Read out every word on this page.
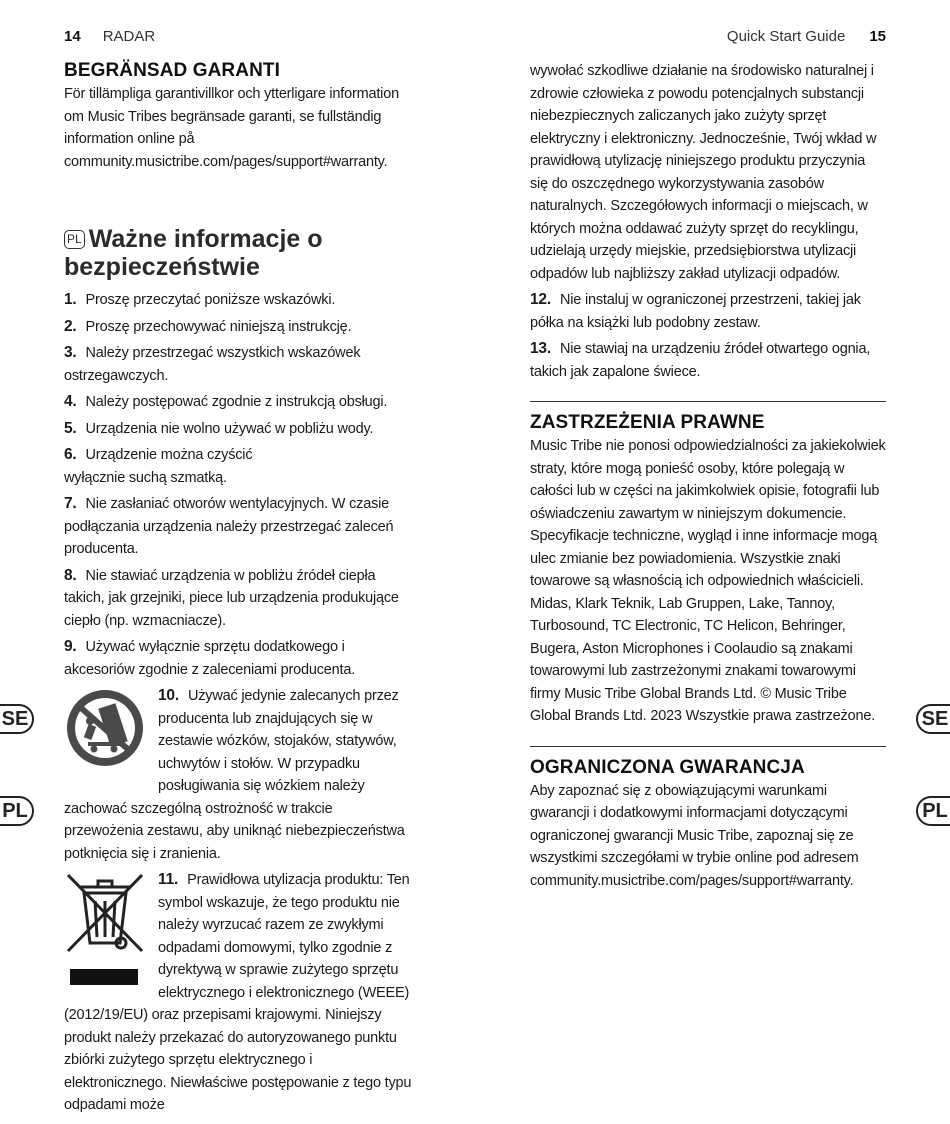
14 RADAR	Quick Start Guide 15
SE
PL
SE
PL
BEGRÄNSAD GARANTI

För tillämpliga garantivillkor och ytterligare information om Music Tribes begränsade garanti, se fullständig information online på community.musictribe.com/pages/support#warranty.

PL Ważne informacje o bezpieczeństwie

1. Proszę przeczytać poniższe wskazówki.

2. Proszę przechowywać niniejszą instrukcję.

3. Należy przestrzegać wszystkich wskazówek ostrzegawczych.

4. Należy postępować zgodnie z instrukcją obsługi.

5. Urządzenia nie wolno używać w pobliżu wody.

6. Urządzenie można czyścić wyłącznie suchą szmatką.

7. Nie zasłaniać otworów wentylacyjnych. W czasie podłączania urządzenia należy przestrzegać zaleceń producenta.

8. Nie stawiać urządzenia w pobliżu źródeł ciepła takich, jak grzejniki, piece lub urządzenia produkujące ciepło (np. wzmacniacze).

9. Używać wyłącznie sprzętu dodatkowego i akcesoriów zgodnie z zaleceniami producenta.

10. Używać jedynie zalecanych przez producenta lub znajdujących się w zestawie wózków, stojaków, statywów, uchwytów i stołów. W przypadku posługiwania się wózkiem należy zachować szczególną ostrożność w trakcie przewożenia zestawu, aby uniknąć niebezpieczeństwa potknięcia się i zranienia.
11. Prawidłowa utylizacja produktu: Ten symbol wskazuje, że tego produktu nie należy wyrzucać razem ze zwykłymi odpadami domowymi, tylko zgodnie z dyrektywą w sprawie zużytego sprzętu elektrycznego i elektronicznego (WEEE) (2012/19/EU) oraz przepisami krajowymi. Niniejszy produkt należy przekazać do autoryzowanego punktu zbiórki zużytego sprzętu elektrycznego i elektronicznego. Niewłaściwe postępowanie z tego typu odpadami może

wywołać szkodliwe działanie na środowisko naturalnej i zdrowie człowieka z powodu potencjalnych substancji niebezpiecznych zaliczanych jako zużyty sprzęt elektryczny i elektroniczny. Jednocześnie, Twój wkład w prawidłową utylizację niniejszego produktu przyczynia się do oszczędnego wykorzystywania zasobów naturalnych. Szczegółowych informacji o miejscach, w których można oddawać zużyty sprzęt do recyklingu, udzielają urzędy miejskie, przedsiębiorstwa utylizacji odpadów lub najbliższy zakład utylizacji odpadów.

12. Nie instaluj w ograniczonej przestrzeni, takiej jak półka na książki lub podobny zestaw.

13. Nie stawiaj na urządzeniu źródeł otwartego ognia, takich jak zapalone świece.

ZASTRZEŻENIA PRAWNE

Music Tribe nie ponosi odpowiedzialności za jakiekolwiek straty, które mogą ponieść osoby, które polegają w całości lub w części na jakimkolwiek opisie, fotografii lub oświadczeniu zawartym w niniejszym dokumencie. Specyfikacje techniczne, wygląd i inne informacje mogą ulec zmianie bez powiadomienia. Wszystkie znaki towarowe są własnością ich odpowiednich właścicieli. Midas, Klark Teknik, Lab Gruppen, Lake, Tannoy, Turbosound, TC Electronic, TC Helicon, Behringer, Bugera, Aston Microphones i Coolaudio są znakami towarowymi lub zastrzeżonymi znakami towarowymi firmy Music Tribe Global Brands Ltd. © Music Tribe Global Brands Ltd. 2023 Wszystkie prawa zastrzeżone.

OGRANICZONA GWARANCJA

Aby zapoznać się z obowiązującymi warunkami gwarancji i dodatkowymi informacjami dotyczącymi ograniczonej gwarancji Music Tribe, zapoznaj się ze wszystkimi szczegółami w trybie online pod adresem community.musictribe.com/pages/support#warranty.
